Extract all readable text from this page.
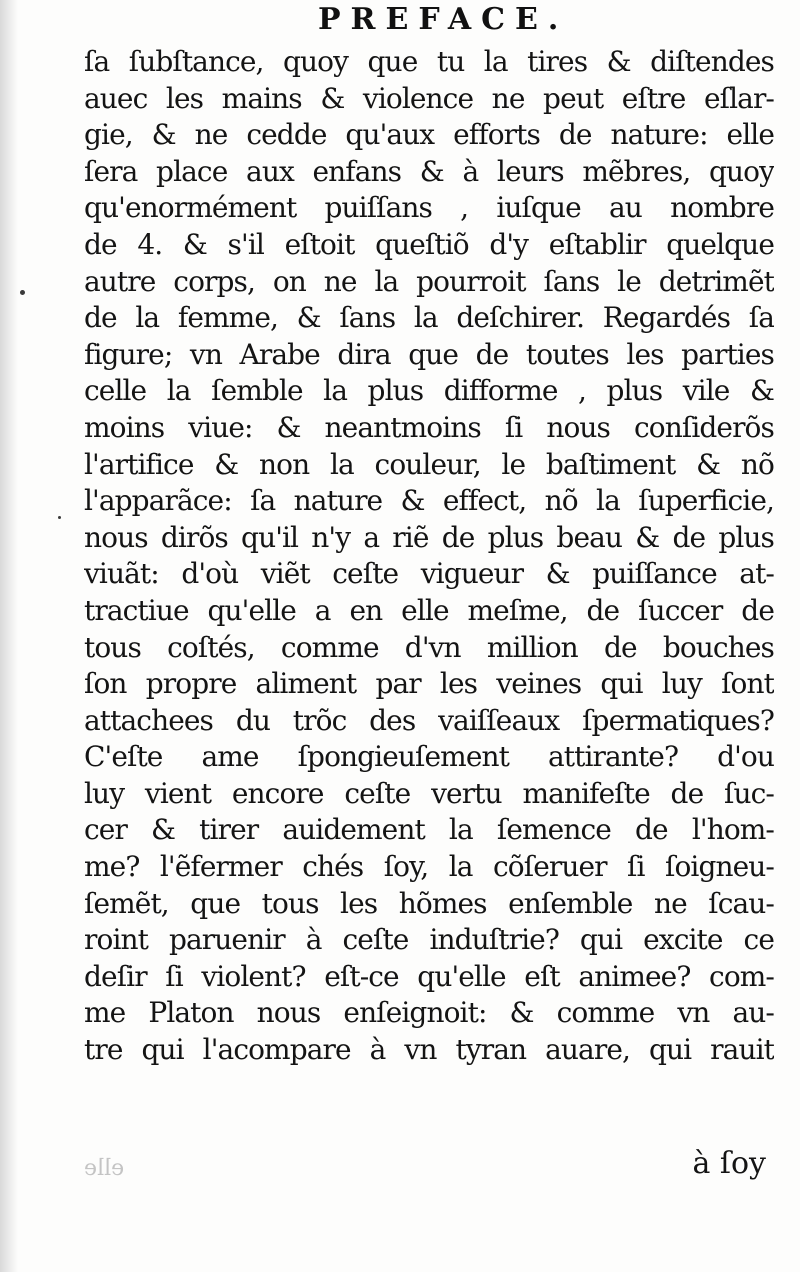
PREFACE.
ſa ſubſtance, quoy que tu la tires & diſtendes
auec les mains & violence ne peut eſtre eſlar-
gie, & ne cedde qu'aux efforts de nature: elle
ſera place aux enfans & à leurs mẽbres, quoy
qu'enormément puiſſans , iuſque au nombre
de 4. & s'il eſtoit queſtiõ d'y eſtablir quelque
autre corps, on ne la pourroit ſans le detrimẽt
de la femme, & ſans la deſchirer. Regardés ſa
figure; vn Arabe dira que de toutes les parties
celle la ſemble la plus difforme , plus vile &
moins viue: & neantmoins ſi nous conſiderõs
l'artifice & non la couleur, le baſtiment & nõ
l'apparãce: ſa nature & effect, nõ la ſuperficie,
nous dirõs qu'il n'y a riẽ de plus beau & de plus
viuãt: d'où viẽt ceſte vigueur & puiſſance at-
tractiue qu'elle a en elle meſme, de ſuccer de
tous coſtés, comme d'vn million de bouches
ſon propre aliment par les veines qui luy ſont
attachees du trõc des vaiſſeaux ſpermatiques?
C'eſte ame ſpongieuſement attirante? d'ou
luy vient encore ceſte vertu manifeſte de ſuc-
cer & tirer auidement la ſemence de l'hom-
me? l'ẽfermer chés ſoy, la cõſeruer ſi ſoigneu-
ſemẽt, que tous les hõmes enſemble ne ſcau-
roint paruenir à ceſte induſtrie? qui excite ce
deſir ſi violent? eſt-ce qu'elle eſt animee? com-
me Platon nous enſeignoit: & comme vn au-
tre qui l'acompare à vn tyran auare, qui rauit
elle	à ſoy
